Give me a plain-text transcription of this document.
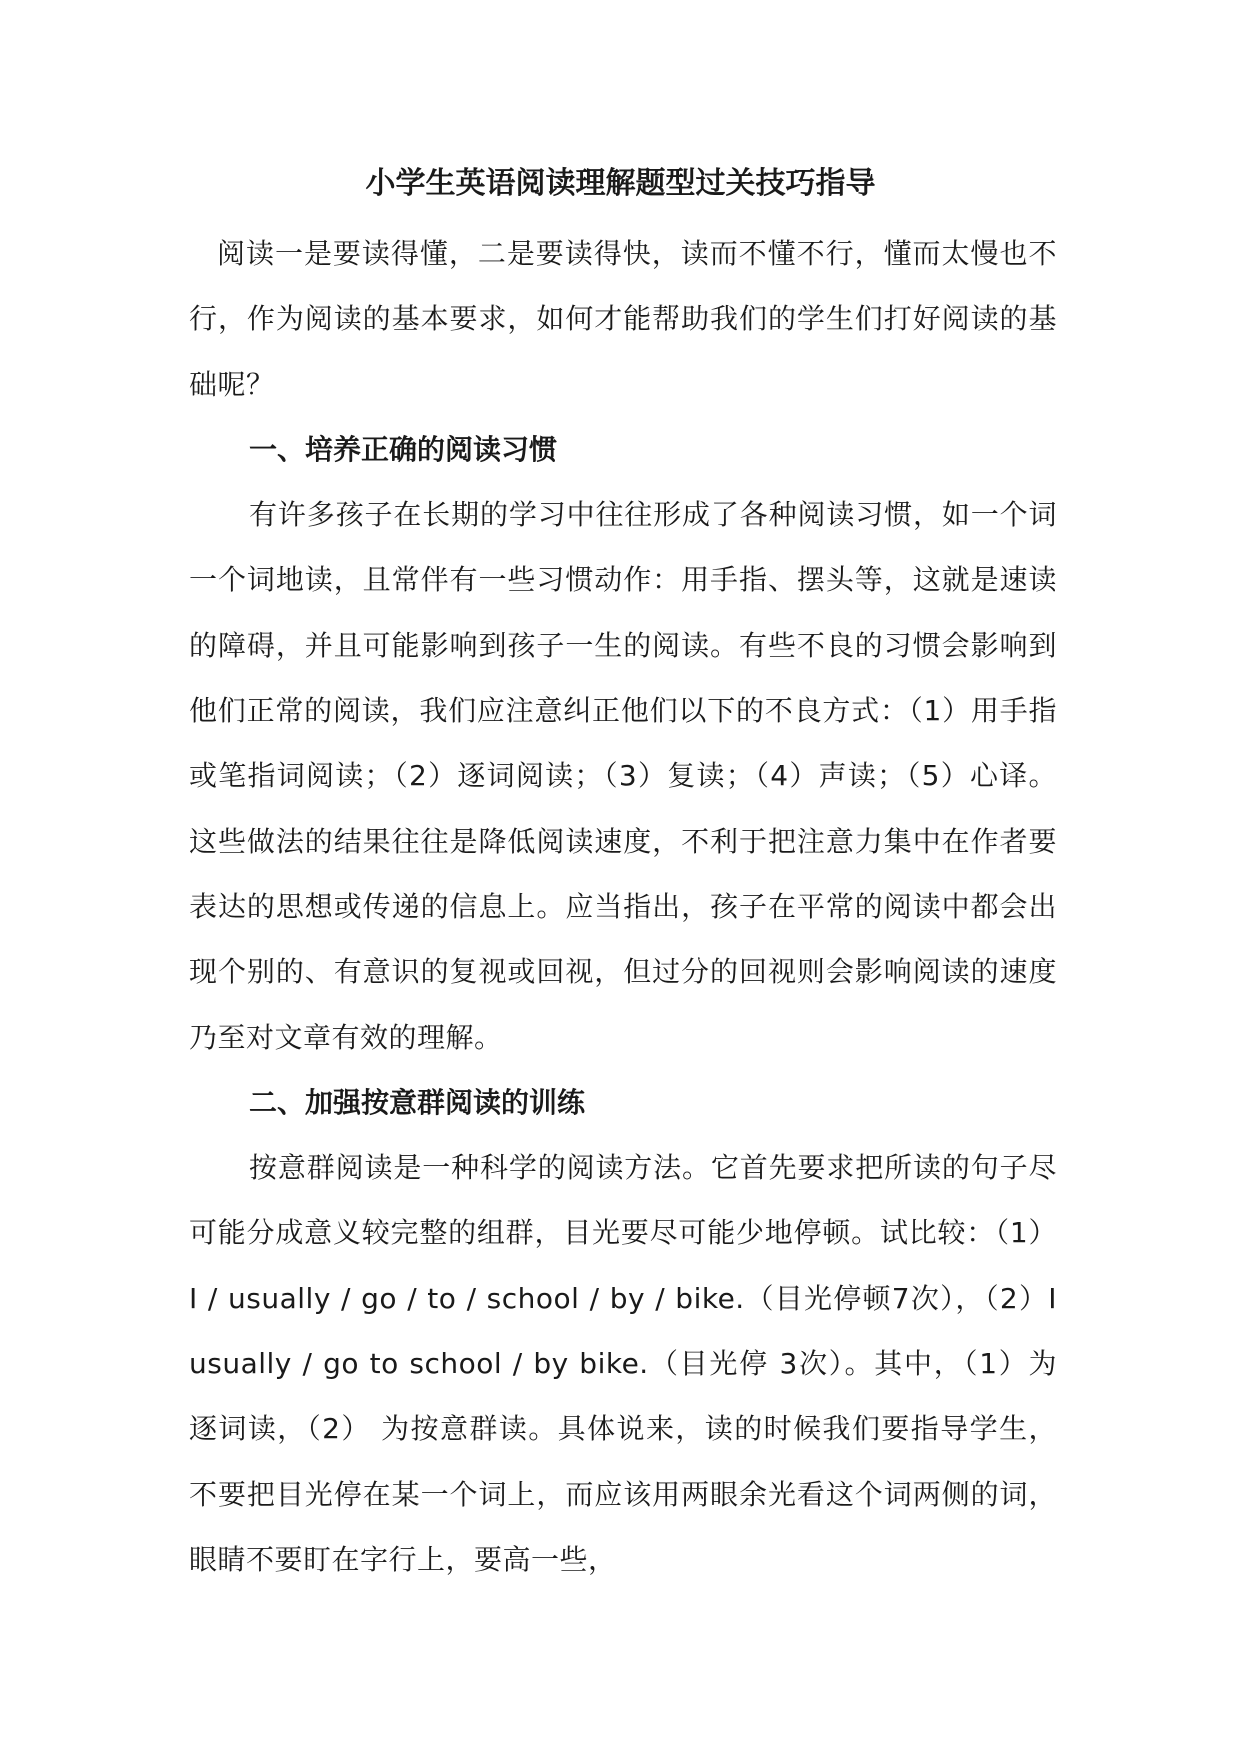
小学生英语阅读理解题型过关技巧指导

阅读一是要读得懂，二是要读得快，读而不懂不行，懂而太慢也不行，作为阅读的基本要求，如何才能帮助我们的学生们打好阅读的基础呢？

一、培养正确的阅读习惯

有许多孩子在长期的学习中往往形成了各种阅读习惯，如一个词一个词地读，且常伴有一些习惯动作：用手指、摆头等，这就是速读的障碍，并且可能影响到孩子一生的阅读。有些不良的习惯会影响到他们正常的阅读，我们应注意纠正他们以下的不良方式：（1）用手指或笔指词阅读；（2）逐词阅读；（3）复读；（4）声读；（5）心译。这些做法的结果往往是降低阅读速度，不利于把注意力集中在作者要表达的思想或传递的信息上。应当指出，孩子在平常的阅读中都会出现个别的、有意识的复视或回视，但过分的回视则会影响阅读的速度乃至对文章有效的理解。

二、加强按意群阅读的训练

按意群阅读是一种科学的阅读方法。它首先要求把所读的句子尽可能分成意义较完整的组群，目光要尽可能少地停顿。试比较：（1）I / usually / go / to / school / by / bike.（目光停顿7次），（2）I usually / go to school / by bike.（目光停 3次）。其中，（1）为逐词读，（2） 为按意群读。具体说来，读的时候我们要指导学生，不要把目光停在某一个词上，而应该用两眼余光看这个词两侧的词，眼睛不要盯在字行上，要高一些，
